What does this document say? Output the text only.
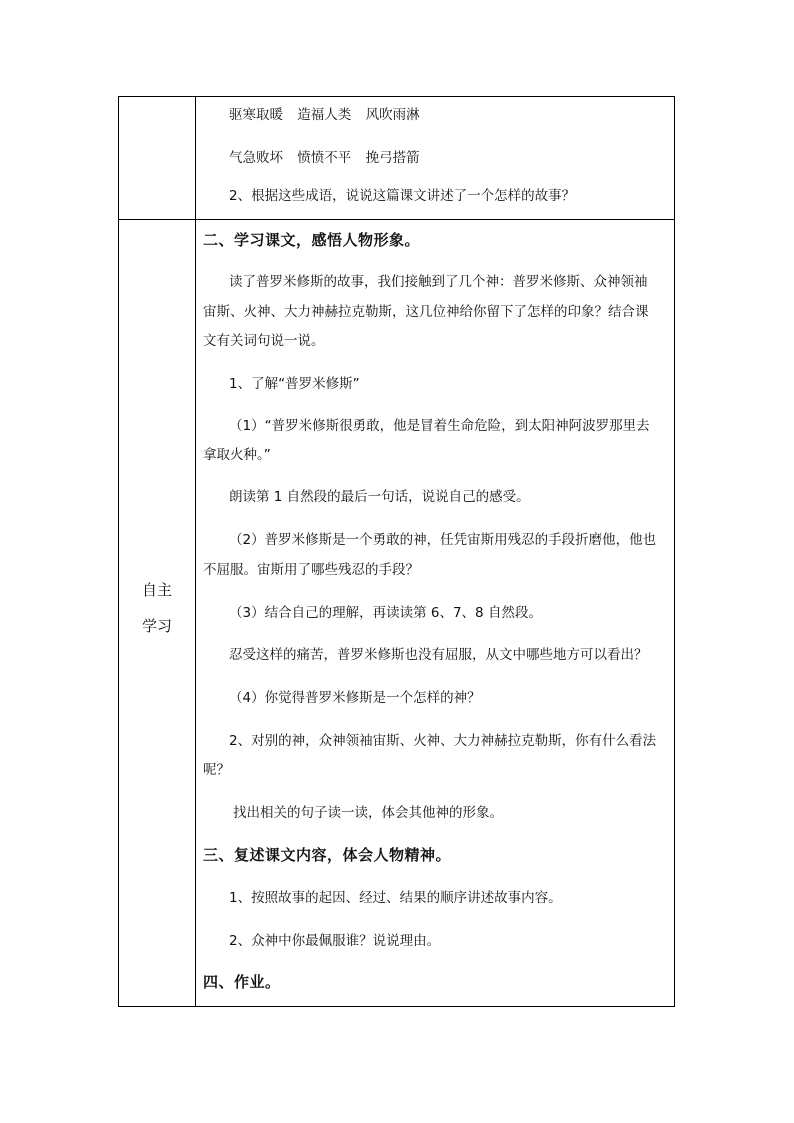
驱寒取暖 造福人类 风吹雨淋
气急败坏 愤愤不平 挽弓搭箭
2、根据这些成语，说说这篇课文讲述了一个怎样的故事？
自主
学习
二、学习课文，感悟人物形象。
读了普罗米修斯的故事，我们接触到了几个神：普罗米修斯、众神领袖
宙斯、火神、大力神赫拉克勒斯，这几位神给你留下了怎样的印象？结合课
文有关词句说一说。
1、了解“普罗米修斯”
（1）“普罗米修斯很勇敢，他是冒着生命危险，到太阳神阿波罗那里去
拿取火种。”
朗读第 1 自然段的最后一句话，说说自己的感受。
（2）普罗米修斯是一个勇敢的神，任凭宙斯用残忍的手段折磨他，他也
不屈服。宙斯用了哪些残忍的手段？
（3）结合自己的理解，再读读第 6、7、8 自然段。
忍受这样的痛苦，普罗米修斯也没有屈服，从文中哪些地方可以看出？
（4）你觉得普罗米修斯是一个怎样的神？
2、对别的神，众神领袖宙斯、火神、大力神赫拉克勒斯，你有什么看法
呢？
找出相关的句子读一读，体会其他神的形象。
三、复述课文内容，体会人物精神。
1、按照故事的起因、经过、结果的顺序讲述故事内容。
2、众神中你最佩服谁？说说理由。
四、作业。
